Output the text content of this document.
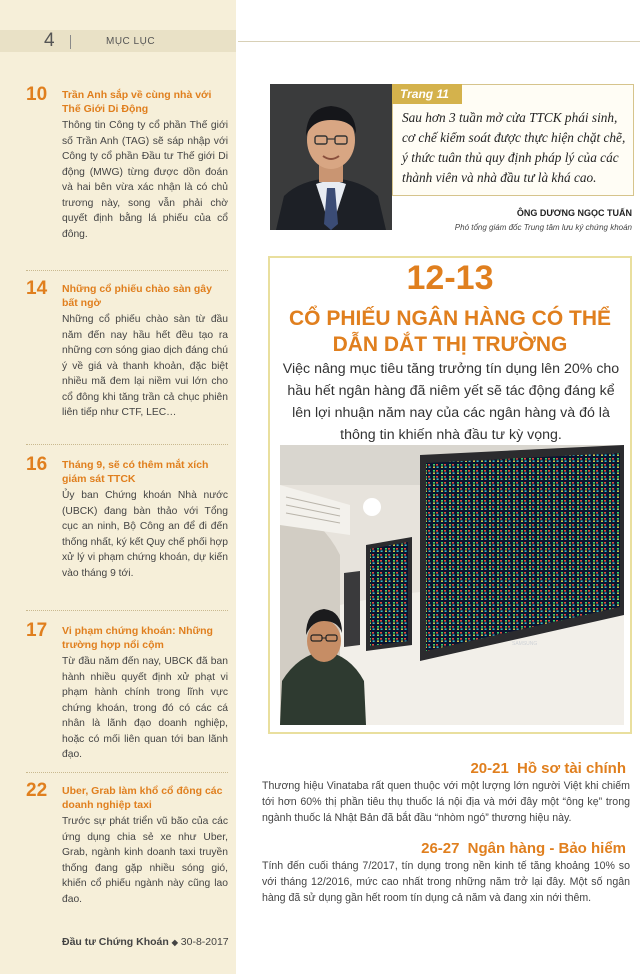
4	MỤC LỤC
10	Trần Anh sắp về cùng nhà với Thế Giới Di Động

Thông tin Công ty cổ phần Thế giới số Trần Anh (TAG) sẽ sáp nhập với Công ty cổ phần Đầu tư Thế giới Di động (MWG) từng được dồn đoán và hai bên vừa xác nhận là có chủ trương này, song vẫn phải chờ quyết định bằng lá phiếu của cổ đông.

14	Những cổ phiếu chào sàn gây bất ngờ

Những cổ phiếu chào sàn từ đầu năm đến nay hầu hết đều tạo ra những cơn sóng giao dịch đáng chú ý về giá và thanh khoản, đặc biệt nhiều mã đem lại niềm vui lớn cho cổ đông khi tăng trần cả chục phiên liên tiếp như CTF, LEC…

16	Tháng 9, sẽ có thêm mắt xích giám sát TTCK

Ủy ban Chứng khoán Nhà nước (UBCK) đang bàn thảo với Tổng cục an ninh, Bộ Công an để đi đến thống nhất, ký kết Quy chế phối hợp xử lý vi phạm chứng khoán, dự kiến vào tháng 9 tới.

17	Vi phạm chứng khoán: Những trường hợp nổi cộm

Từ đầu năm đến nay, UBCK đã ban hành nhiều quyết định xử phạt vi phạm hành chính trong lĩnh vực chứng khoán, trong đó có các cá nhân là lãnh đạo doanh nghiệp, hoặc có mối liên quan tới ban lãnh đạo.

22	Uber, Grab làm khổ cổ đông các doanh nghiệp taxi

Trước sự phát triển vũ bão của các ứng dụng chia sẻ xe như Uber, Grab, ngành kinh doanh taxi truyền thống đang gặp nhiều sóng gió, khiến cổ phiếu ngành này cũng lao đao.

Đầu tư Chứng Khoán ◆ 30-8-2017
Trang 11

Sau hơn 3 tuần mở cửa TTCK phái sinh, cơ chế kiểm soát được thực hiện chặt chẽ, ý thức tuân thủ quy định pháp lý của các thành viên và nhà đầu tư là khá cao.

ÔNG DƯƠNG NGỌC TUẤN
Phó tổng giám đốc Trung tâm lưu ký chứng khoán

12-13

CỔ PHIẾU NGÂN HÀNG CÓ THỂ DẪN DẮT THỊ TRƯỜNG

Việc nâng mục tiêu tăng trưởng tín dụng lên 20% cho hầu hết ngân hàng đã niêm yết sẽ tác động đáng kể lên lợi nhuận năm nay của các ngân hàng và đó là thông tin khiến nhà đầu tư kỳ vọng.

SAMSUNG
20-21 Hồ sơ tài chính

Thương hiệu Vinataba rất quen thuộc với một lượng lớn người Việt khi chiếm tới hơn 60% thị phần tiêu thụ thuốc lá nội địa và mới đây một “ông kẹ” trong ngành thuốc lá Nhật Bản đã bắt đầu “nhòm ngó” thương hiệu này.

26-27 Ngân hàng - Bảo hiểm

Tính đến cuối tháng 7/2017, tín dụng trong nền kinh tế tăng khoảng 10% so với tháng 12/2016, mức cao nhất trong những năm trở lại đây. Một số ngân hàng đã sử dụng gần hết room tín dụng cả năm và đang xin nới thêm.
